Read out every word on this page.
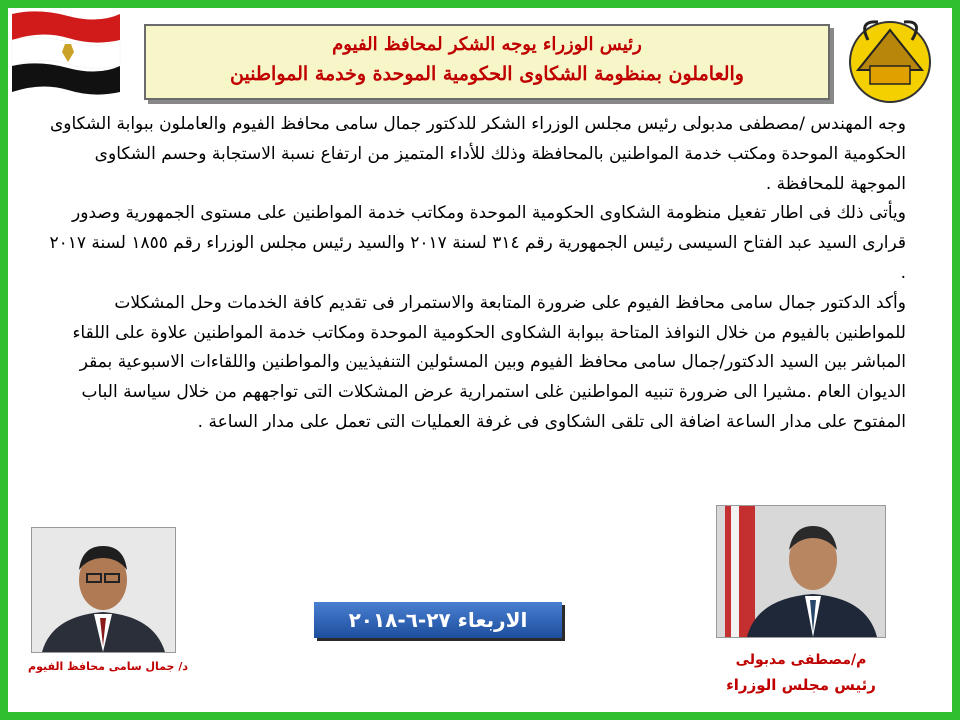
رئيس الوزراء يوجه الشكر لمحافظ الفيوم
والعاملون بمنظومة الشكاوى الحكومية الموحدة وخدمة المواطنين

وجه المهندس /مصطفى مدبولى رئيس مجلس الوزراء الشكر للدكتور جمال سامى محافظ الفيوم والعاملون ببوابة الشكاوى الحكومية الموحدة ومكتب خدمة المواطنين بالمحافظة وذلك للأداء المتميز من ارتفاع نسبة الاستجابة وحسم الشكاوى الموجهة للمحافظة .

ويأتى ذلك فى اطار تفعيل منظومة الشكاوى الحكومية الموحدة ومكاتب خدمة المواطنين على مستوى الجمهورية وصدور قرارى السيد عبد الفتاح السيسى رئيس الجمهورية رقم ٣١٤ لسنة ٢٠١٧ والسيد رئيس مجلس الوزراء رقم ١٨٥٥ لسنة ٢٠١٧ .

وأكد الدكتور جمال سامى محافظ الفيوم على ضرورة المتابعة والاستمرار فى تقديم كافة الخدمات وحل المشكلات للمواطنين بالفيوم من خلال النوافذ المتاحة ببوابة الشكاوى الحكومية الموحدة ومكاتب خدمة المواطنين علاوة على اللقاء المباشر بين السيد الدكتور/جمال سامى محافظ الفيوم وبين المسئولين التنفيذيين والمواطنين واللقاءات الاسبوعية بمقر الديوان العام .مشيرا الى ضرورة تنبيه المواطنين غلى استمرارية عرض المشكلات التى تواجههم من خلال سياسة الباب المفتوح على مدار الساعة اضافة الى تلقى الشكاوى فى غرفة العمليات التى تعمل على مدار الساعة .

الاربعاء ٢٧-٦-٢٠١٨
د/ جمال سامى محافظ الفيوم	م/مصطفى مدبولى
رئيس مجلس الوزراء
